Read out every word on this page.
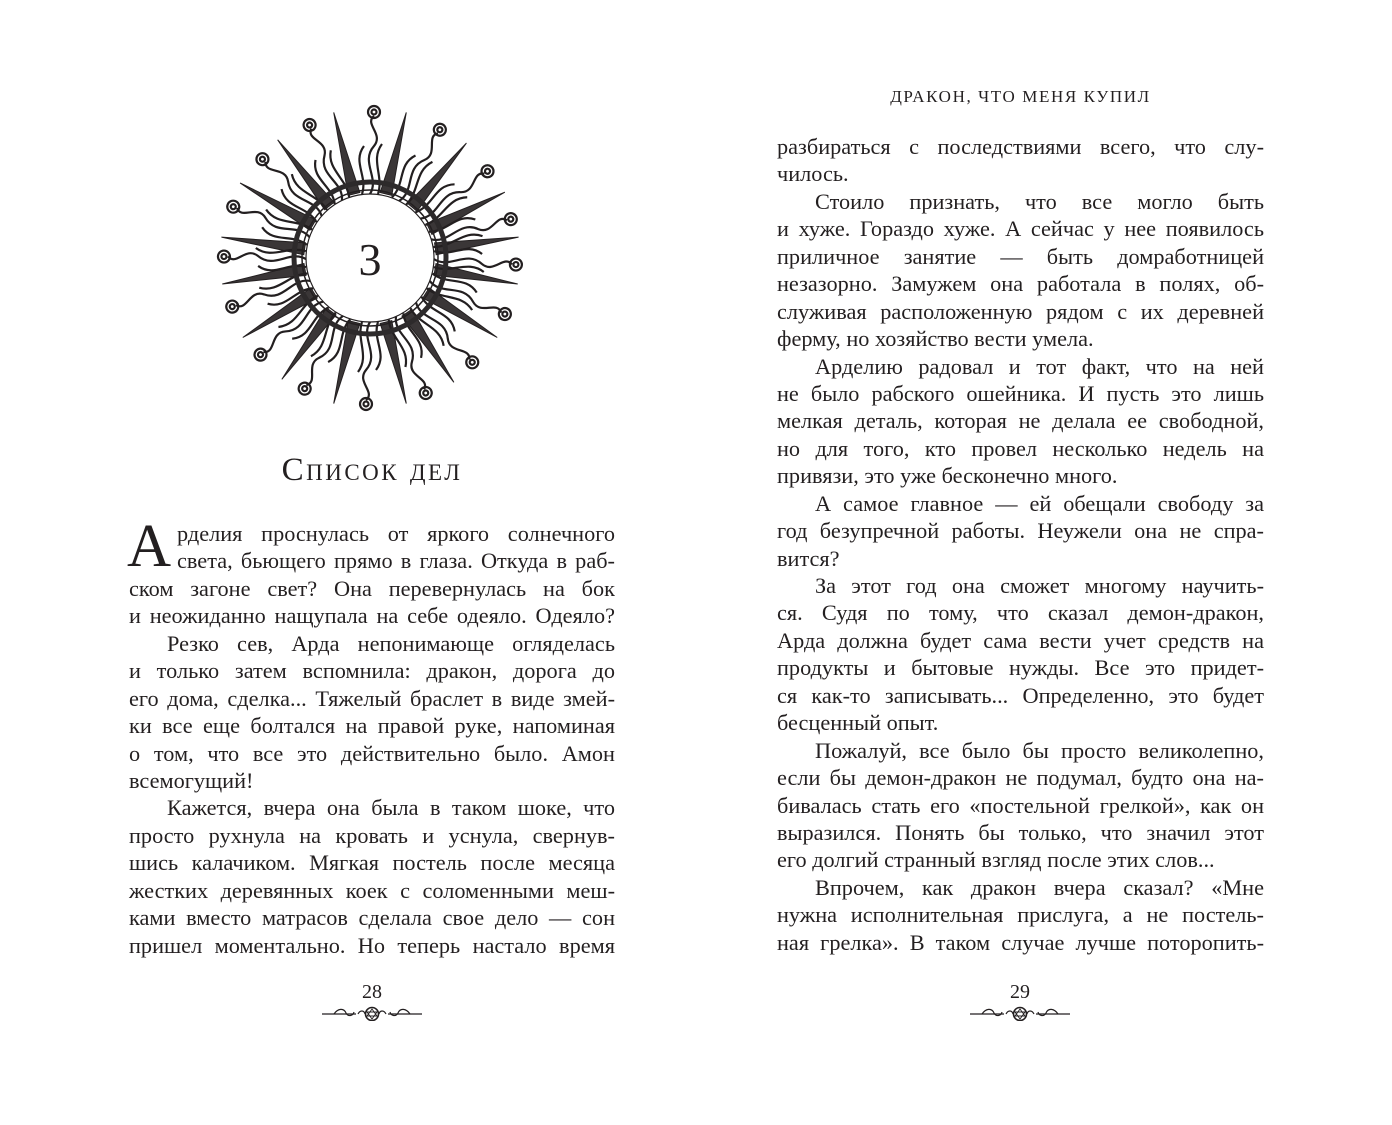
3
Список дел
А рделия проснулась от яркого солнечного
света, бьющего прямо в глаза. Откуда в раб-
ском загоне свет? Она перевернулась на бок
и неожиданно нащупала на себе одеяло. Одеяло?
Резко сев, Арда непонимающе огляделась
и только затем вспомнила: дракон, дорога до
его дома, сделка... Тяжелый браслет в виде змей-
ки все еще болтался на правой руке, напоминая
о том, что все это действительно было. Амон
всемогущий!
Кажется, вчера она была в таком шоке, что
просто рухнула на кровать и уснула, свернув-
шись калачиком. Мягкая постель после месяца
жестких деревянных коек с соломенными меш-
ками вместо матрасов сделала свое дело — сон
пришел моментально. Но теперь настало время
28
ДРАКОН, ЧТО МЕНЯ КУПИЛ
разбираться с последствиями всего, что слу-
чилось.
Стоило признать, что все могло быть
и хуже. Гораздо хуже. А сейчас у нее появилось
приличное занятие — быть домработницей
незазорно. Замужем она работала в полях, об-
служивая расположенную рядом с их деревней
ферму, но хозяйство вести умела.
Арделию радовал и тот факт, что на ней
не было рабского ошейника. И пусть это лишь
мелкая деталь, которая не делала ее свободной,
но для того, кто провел несколько недель на
привязи, это уже бесконечно много.
А самое главное — ей обещали свободу за
год безупречной работы. Неужели она не спра-
вится?
За этот год она сможет многому научить-
ся. Судя по тому, что сказал демон-дракон,
Арда должна будет сама вести учет средств на
продукты и бытовые нужды. Все это придет-
ся как-то записывать... Определенно, это будет
бесценный опыт.
Пожалуй, все было бы просто великолепно,
если бы демон-дракон не подумал, будто она на-
бивалась стать его «постельной грелкой», как он
выразился. Понять бы только, что значил этот
его долгий странный взгляд после этих слов...
Впрочем, как дракон вчера сказал? «Мне
нужна исполнительная прислуга, а не постель-
ная грелка». В таком случае лучше поторопить-
29
